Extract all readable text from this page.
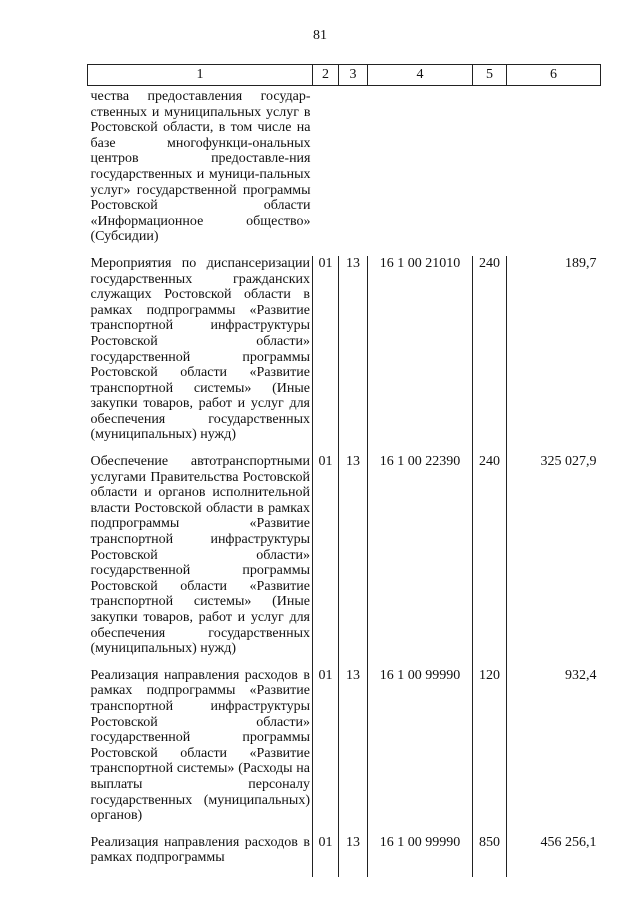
81
1	2	3	4	5	6
чества предоставления государ-ственных и муниципальных услуг в Ростовской области, в том числе на базе многофункци-ональных центров предоставле-ния государственных и муници-пальных услуг» государственной программы Ростовской области «Информационное общество» (Субсидии)					
Мероприятия по диспансеризации государственных гражданских служащих Ростовской области в рамках подпрограммы «Развитие транспортной инфраструктуры Ростовской области» государственной программы Ростовской области «Развитие транспортной системы» (Иные закупки товаров, работ и услуг для обеспечения государственных (муниципальных) нужд)	01	13	16 1 00 21010	240	189,7
Обеспечение автотранспортными услугами Правительства Ростовской области и органов исполнительной власти Ростовской области в рамках подпрограммы «Развитие транспортной инфраструктуры Ростовской области» государственной программы Ростовской области «Развитие транспортной системы» (Иные закупки товаров, работ и услуг для обеспечения государственных (муниципальных) нужд)	01	13	16 1 00 22390	240	325 027,9
Реализация направления расходов в рамках подпрограммы «Развитие транспортной инфраструктуры Ростовской области» государственной программы Ростовской области «Развитие транспортной системы» (Расходы на выплаты персоналу государственных (муниципальных) органов)	01	13	16 1 00 99990	120	932,4
Реализация направления расходов в рамках подпрограммы	01	13	16 1 00 99990	850	456 256,1
